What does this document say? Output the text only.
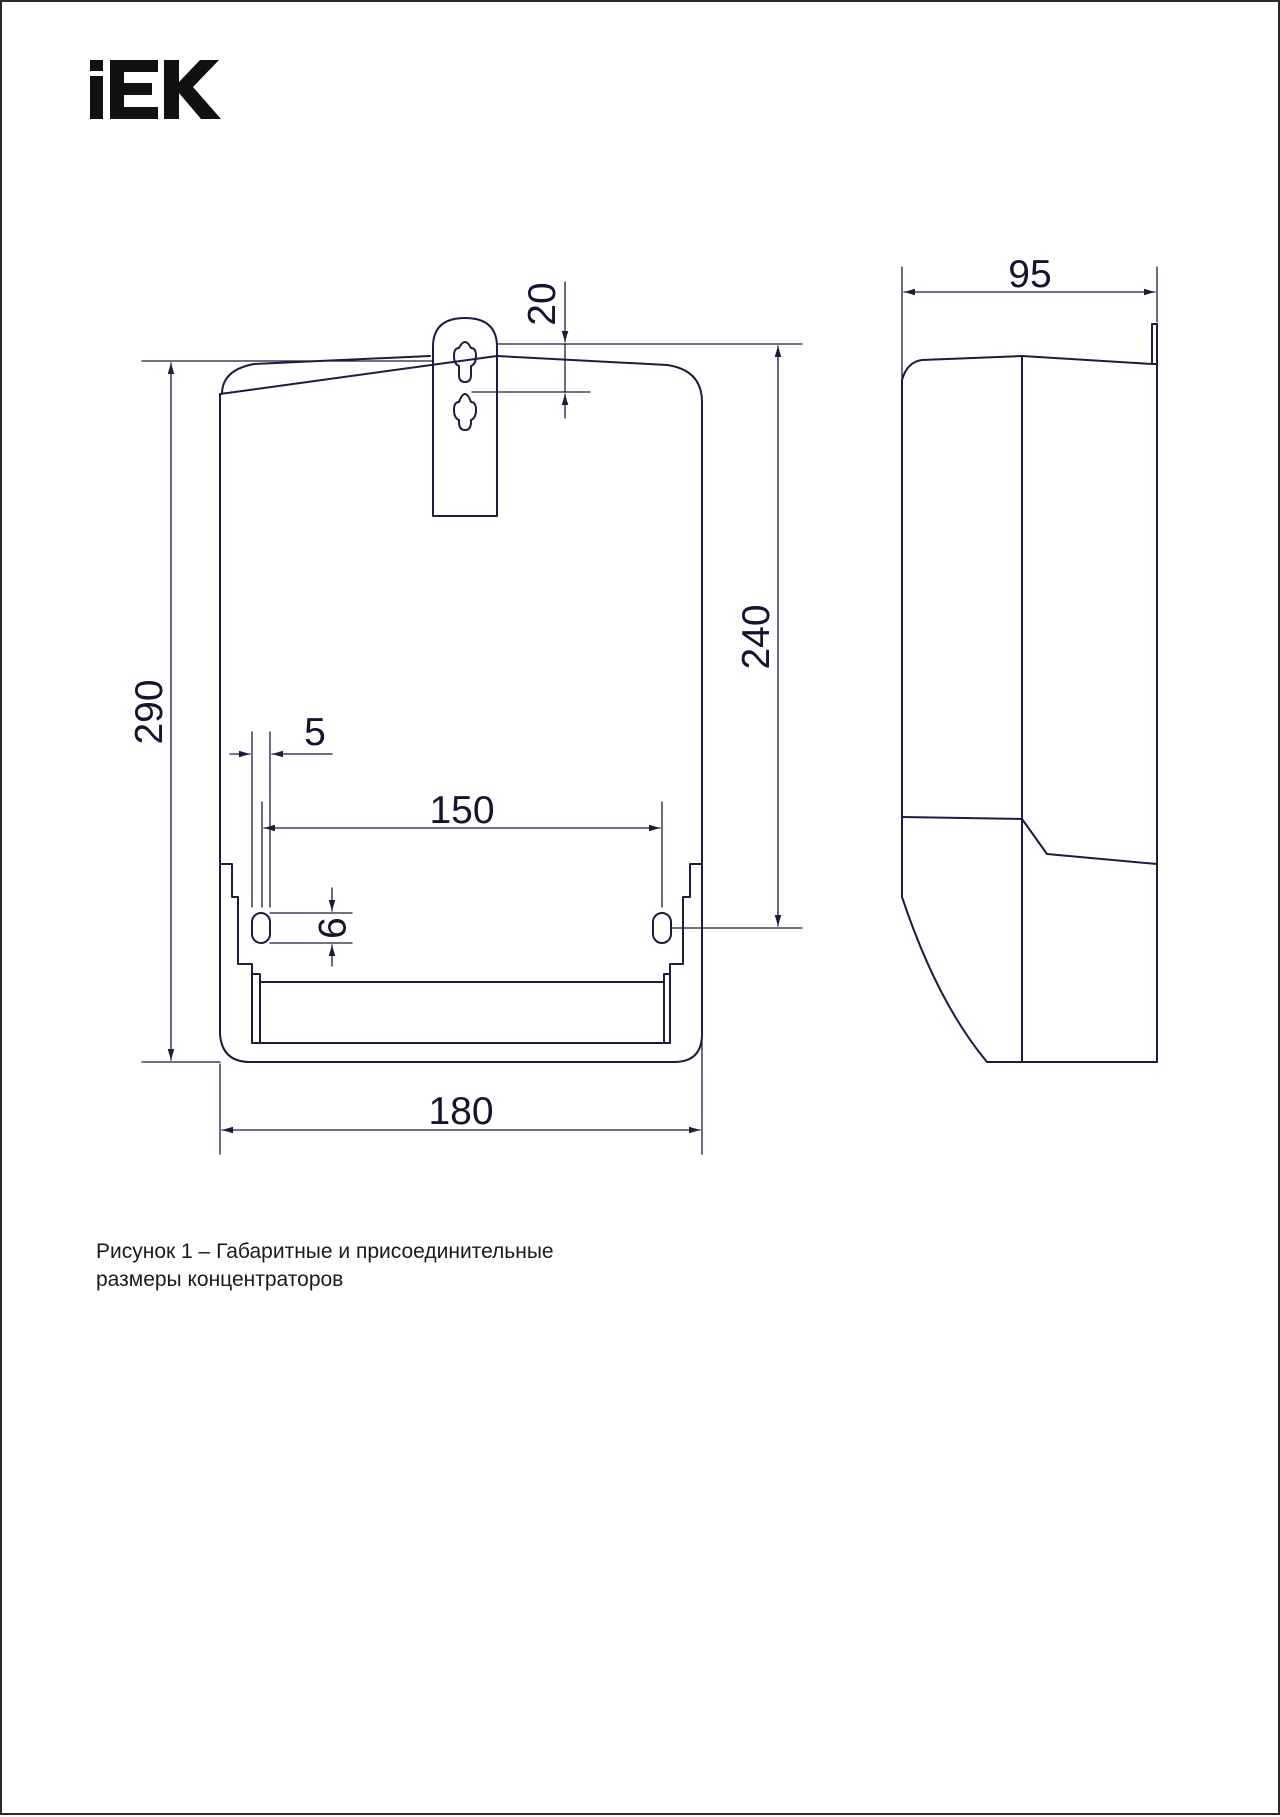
290
20
240
5
150
9
180
95
Рисунок 1 – Габаритные и присоединительные
размеры концентраторов
